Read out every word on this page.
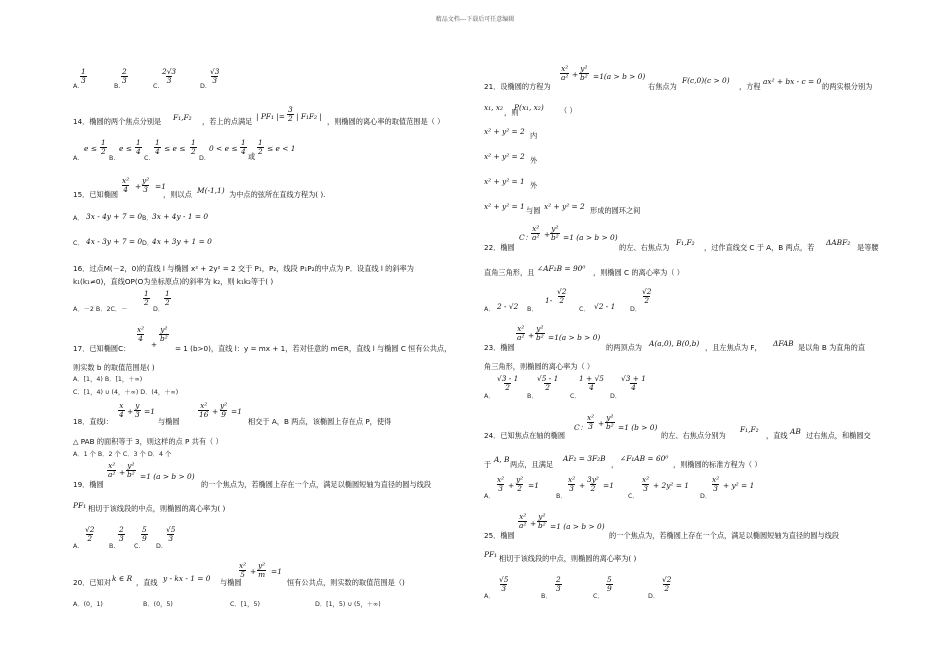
精品文档---下载后可任意编辑
A.
1
3
B.
2
3
C.
2√3
3
D.
√3
3
14．椭圆的两个焦点分别是 F₁,F₂ ，若上的点满足
| PF₁ |=
3
2 | F₁F₂ |
，则椭圆的离心率的取值范围是（ ）
A.
e ≤
1
2
B.
e ≤
1
4
C.
1
4 ≤ e ≤
1
2
D.
0 < e ≤
1
4
或
1
2 ≤ e < 1
15．已知椭圆
x²
4 +
y²
3 =1
，则以点 M(-1,1) 为中点的弦所在直线方程为( ).
A． 3x - 4y + 7 = 0 B． 3x + 4y - 1 = 0
C． 4x - 3y + 7 = 0 D．
4x + 3y + 1 = 0
16．过点M(－2，0)的直线 l 与椭圆 x² + 2y² = 2 交于 P₁，P₂，线段 P₁P₂的中点为 P．设直线 l 的斜率为
k₁(k₁≠0)，直线OP(O为坐标原点)的斜率为 k₂，则 k₁k₂等于( )
A．－2 B．2C．－
1
2
D．
1
2
17．已知椭圆C：
x²
4
+
y²
b²
= 1 (b>0)，直线 l：y = mx + 1，若对任意的 m∈R，直线 l 与椭圆 C 恒有公共点，
则实数 b 的取值范围是( )
A．[1，4) B．[1，＋∞)
C．[1，4) ∪ (4，＋∞) D．(4，＋∞)
18．直线l：
x
4 +
y
3 =1
与椭圆
x²
16 +
y²
9 =1
相交于 A，B 两点，该椭圆上存在点 P，使得
△ PAB 的面积等于 3，则这样的点 P 共有（ ）
A．1 个 B．2 个 C．3 个 D．4 个
19．椭圆
x²
a² +
y²
b² =1 (a > b > 0)
的一个焦点为，若椭圆上存在一个点，满足以椭圆短轴为直径的圆与线段
PF₁ 相切于该线段的中点，则椭圆的离心率为( )
A.
√2
2
B.
2
3
C.
5
9
D.
√5
3
20．已知对 k ∈ R ，直线 y - kx - 1 = 0 与椭圆
x²
5 +
y²
m =1
恒有公共点，则实数的取值范围是（)
A．(0，1)	B．(0，5)	C．[1，5)	D．[1，5) ∪ (5，＋∞)
21．设椭圆的方程为
x²
a² +
y²
b² =1(a > b > 0)
右焦点为
F(c,0)(c > 0)
，方程
ax² + bx - c = 0
的两实根分别为
x₁, x₂
，则
P(x₁, x₂) （ ）
x² + y² = 2 内
x² + y² = 2 外
x² + y² = 1 外
x² + y² = 1 与圆 x² + y² = 2 形成的圆环之间
C：
x²
a² +
y²
b² =1 (a > b > 0)
22．椭圆	的左、右焦点为
F₁,F₂
，过作直线交 C 于 A，B 两点，若
ΔABF₂
是等腰
直角三角形，且 ∠AF₂B = 90⁰ ，则椭圆 C 的离心率为（ ）
A． 2 - √2 B．
1-
√2
2
C． √2 - 1 D．
√2
2
23．椭圆
x²
a² +
y²
b² =1(a > b > 0)
的两顶点为 A(a,0), B(0,b) ，且左焦点为 F， ΔFAB 是以角 B 为直角的直
角三角形，则椭圆的离心率为（ ）
A．
√3 - 1
2
B．
√5 - 1
2
C．
1 + √5
4
D．
√3 + 1
4
24．已知焦点在轴的椭圆
C：
x²
3 +
y²
b² =1 (b > 0)
的左、右焦点分别为
F₁,F₂
，直线 AB 过右焦点，和椭圆交
于
A, B
两点，且满足
AF₂ = 3F₂B
，
∠F₁AB = 60⁰
，则椭圆的标准方程为（ ）
A．
x²
3 +
y²
2 =1
B．
x²
3 +
3y²
2 =1
C．
x²
3 + 2y² = 1
D．
x²
3 + y² = 1
25．椭圆
x²
a² +
y²
b² =1 (a > b > 0)
的一个焦点为，若椭圆上存在一个点，满足以椭圆短轴为直径的圆与线段
PF₁ 相切于该线段的中点，则椭圆的离心率为( )
A．
√5
3
B．
2
3
C．
5
9
D．
√2
2
